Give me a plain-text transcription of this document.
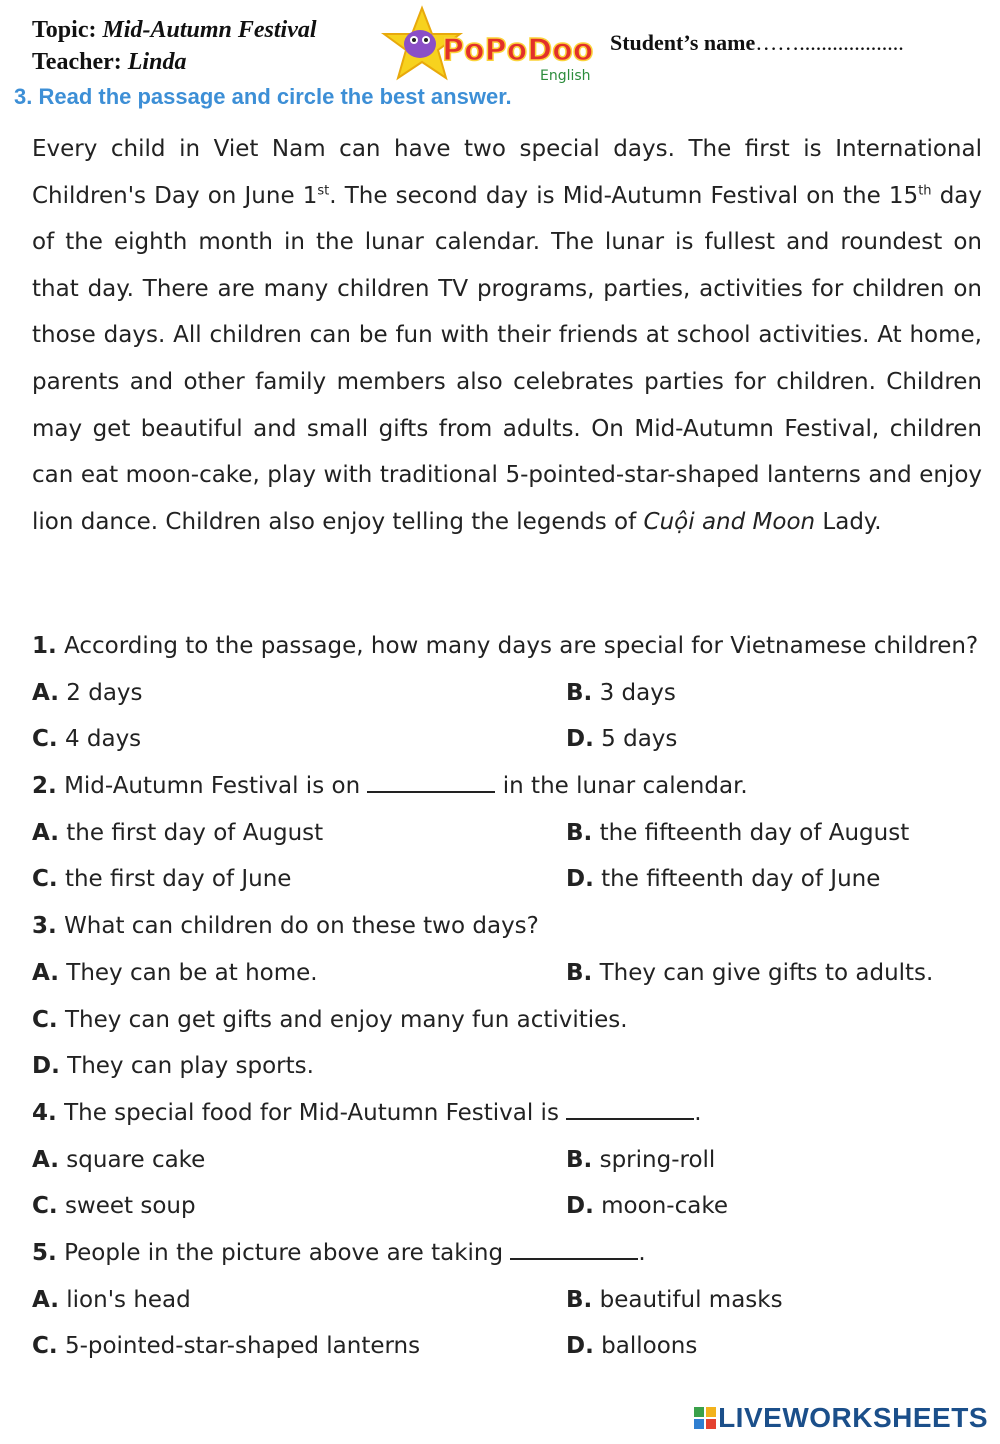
Topic: Mid-Autumn Festival
Teacher: Linda	PoPoDoo
English
Student’s name……...................
3. Read the passage and circle the best answer.
Every child in Viet Nam can have two special days. The first is International Children's Day on June 1st. The second day is Mid-Autumn Festival on the 15th day of the eighth month in the lunar calendar. The lunar is fullest and roundest on that day. There are many children TV programs, parties, activities for children on those days. All children can be fun with their friends at school activities. At home, parents and other family members also celebrates parties for children. Children may get beautiful and small gifts from adults. On Mid-Autumn Festival, children can eat moon-cake, play with traditional 5-pointed-star-shaped lanterns and enjoy lion dance. Children also enjoy telling the legends of Cuội and Moon Lady.
1. According to the passage, how many days are special for Vietnamese children?
A. 2 days	B. 3 days
C. 4 days	D. 5 days
2. Mid-Autumn Festival is on	in the lunar calendar.
A. the first day of August	B. the fifteenth day of August
C. the first day of June	D. the fifteenth day of June
3. What can children do on these two days?
A. They can be at home.	B. They can give gifts to adults.
C. They can get gifts and enjoy many fun activities.
D. They can play sports.
4. The special food for Mid-Autumn Festival is	.
A. square cake	B. spring-roll
C. sweet soup	D. moon-cake
5. People in the picture above are taking	.
A. lion's head	B. beautiful masks
C. 5-pointed-star-shaped lanterns	D. balloons
LIVEWORKSHEETS
